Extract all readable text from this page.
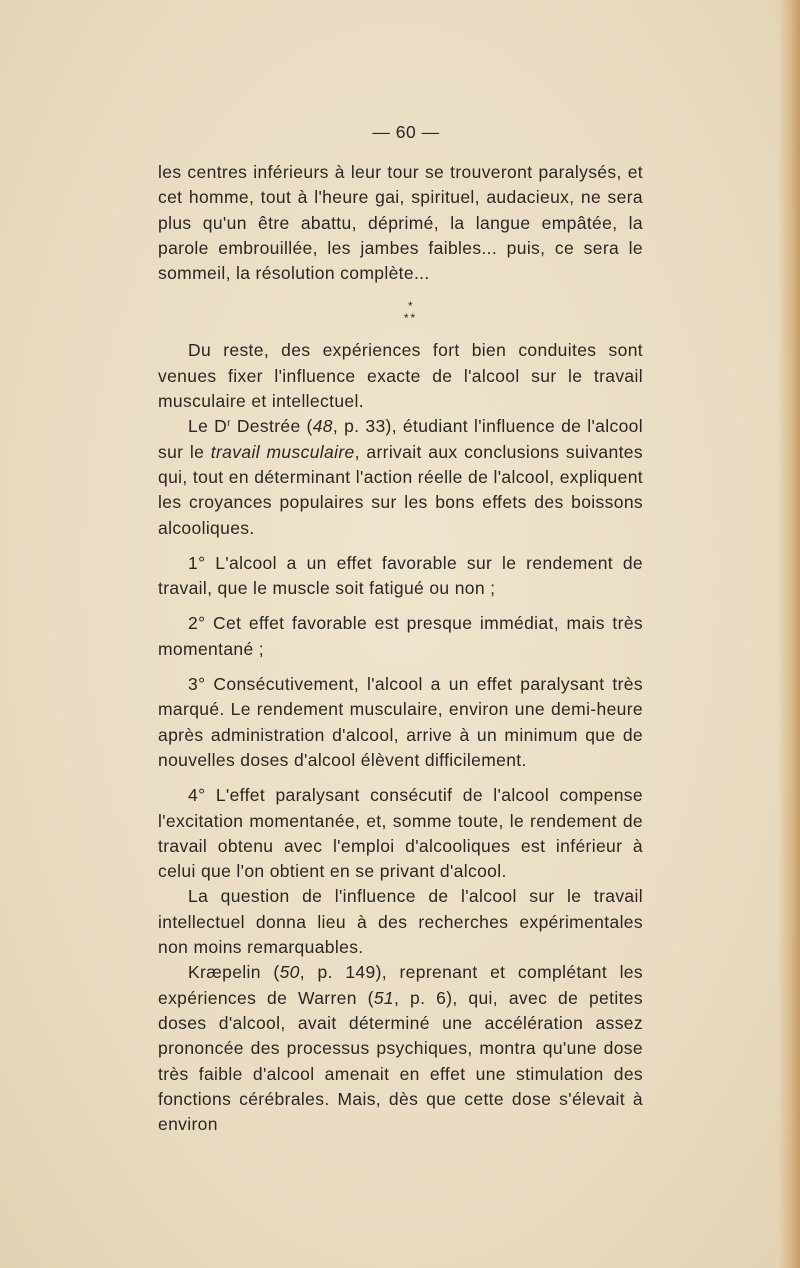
— 60 —

les centres inférieurs à leur tour se trouveront paralysés, et cet homme, tout à l'heure gai, spirituel, audacieux, ne sera plus qu'un être abattu, déprimé, la langue empâtée, la parole embrouillée, les jambes faibles... puis, ce sera le sommeil, la résolution complète...

*
**

Du reste, des expériences fort bien conduites sont venues fixer l'influence exacte de l'alcool sur le travail musculaire et intellectuel.

Le $D^r$ Destrée (48, p. 33), étudiant l'influence de l'alcool sur le travail musculaire, arrivait aux conclusions suivantes qui, tout en déterminant l'action réelle de l'alcool, expliquent les croyances populaires sur les bons effets des boissons alcooliques.

1° L'alcool a un effet favorable sur le rendement de travail, que le muscle soit fatigué ou non ;

2° Cet effet favorable est presque immédiat, mais très momentané ;

3° Consécutivement, l'alcool a un effet paralysant très marqué. Le rendement musculaire, environ une demi-heure après administration d'alcool, arrive à un minimum que de nouvelles doses d'alcool élèvent difficilement.

4° L'effet paralysant consécutif de l'alcool compense l'excitation momentanée, et, somme toute, le rendement de travail obtenu avec l'emploi d'alcooliques est inférieur à celui que l'on obtient en se privant d'alcool.

La question de l'influence de l'alcool sur le travail intellectuel donna lieu à des recherches expérimentales non moins remarquables.

Kræpelin (50, p. 149), reprenant et complétant les expériences de Warren (51, p. 6), qui, avec de petites doses d'alcool, avait déterminé une accélération assez prononcée des processus psychiques, montra qu'une dose très faible d'alcool amenait en effet une stimulation des fonctions cérébrales. Mais, dès que cette dose s'élevait à environ
